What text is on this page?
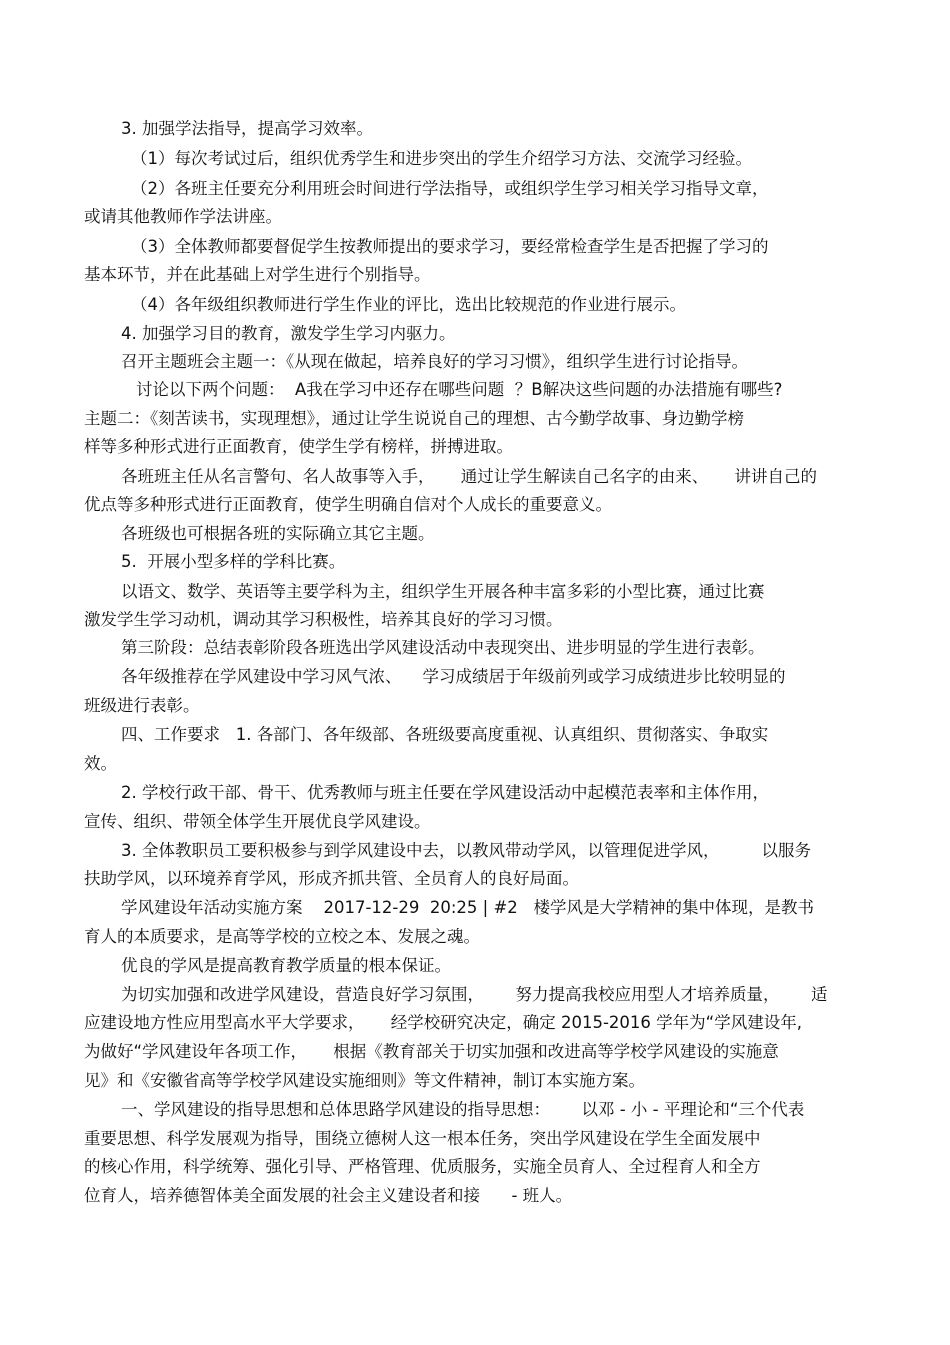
3. 加强学法指导，提高学习效率。
（1）每次考试过后，组织优秀学生和进步突出的学生介绍学习方法、交流学习经验。
（2）各班主任要充分利用班会时间进行学法指导，或组织学生学习相关学习指导文章，
或请其他教师作学法讲座。
（3）全体教师都要督促学生按教师提出的要求学习，要经常检查学生是否把握了学习的
基本环节，并在此基础上对学生进行个别指导。
（4）各年级组织教师进行学生作业的评比，选出比较规范的作业进行展示。
4. 加强学习目的教育，激发学生学习内驱力。
召开主题班会主题一：《从现在做起，培养良好的学习习惯》，组织学生进行讨论指导。
讨论以下两个问题：  A我在学习中还存在哪些问题  ？B解决这些问题的办法措施有哪些?
主题二：《刻苦读书，实现理想》，通过让学生说说自己的理想、古今勤学故事、身边勤学榜
样等多种形式进行正面教育，使学生学有榜样，拼搏进取。
各班班主任从名言警句、名人故事等入手，     通过让学生解读自己名字的由来、     讲讲自己的
优点等多种形式进行正面教育，使学生明确自信对个人成长的重要意义。
各班级也可根据各班的实际确立其它主题。
5.  开展小型多样的学科比赛。
以语文、数学、英语等主要学科为主，组织学生开展各种丰富多彩的小型比赛，通过比赛
激发学生学习动机，调动其学习积极性，培养其良好的学习习惯。
第三阶段：总结表彰阶段各班选出学风建设活动中表现突出、进步明显的学生进行表彰。
各年级推荐在学风建设中学习风气浓、    学习成绩居于年级前列或学习成绩进步比较明显的
班级进行表彰。
四、工作要求   1. 各部门、各年级部、各班级要高度重视、认真组织、贯彻落实、争取实
效。
2. 学校行政干部、骨干、优秀教师与班主任要在学风建设活动中起模范表率和主体作用，
宣传、组织、带领全体学生开展优良学风建设。
3. 全体教职员工要积极参与到学风建设中去，以教风带动学风，以管理促进学风，        以服务
扶助学风，以环境养育学风，形成齐抓共管、全员育人的良好局面。
学风建设年活动实施方案    2017-12-29  20:25 | #2   楼学风是大学精神的集中体现，是教书
育人的本质要求，是高等学校的立校之本、发展之魂。
优良的学风是提高教育教学质量的根本保证。
为切实加强和改进学风建设，营造良好学习氛围，      努力提高我校应用型人才培养质量，      适
应建设地方性应用型高水平大学要求，     经学校研究决定，确定 2015-2016 学年为“学风建设年,
为做好“学风建设年各项工作，     根据《教育部关于切实加强和改进高等学校学风建设的实施意
见》和《安徽省高等学校学风建设实施细则》等文件精神，制订本实施方案。
一、学风建设的指导思想和总体思路学风建设的指导思想：      以邓 - 小 - 平理论和“三个代表
重要思想、科学发展观为指导，围绕立德树人这一根本任务，突出学风建设在学生全面发展中
的核心作用，科学统筹、强化引导、严格管理、优质服务，实施全员育人、全过程育人和全方
位育人，培养德智体美全面发展的社会主义建设者和接      - 班人。
